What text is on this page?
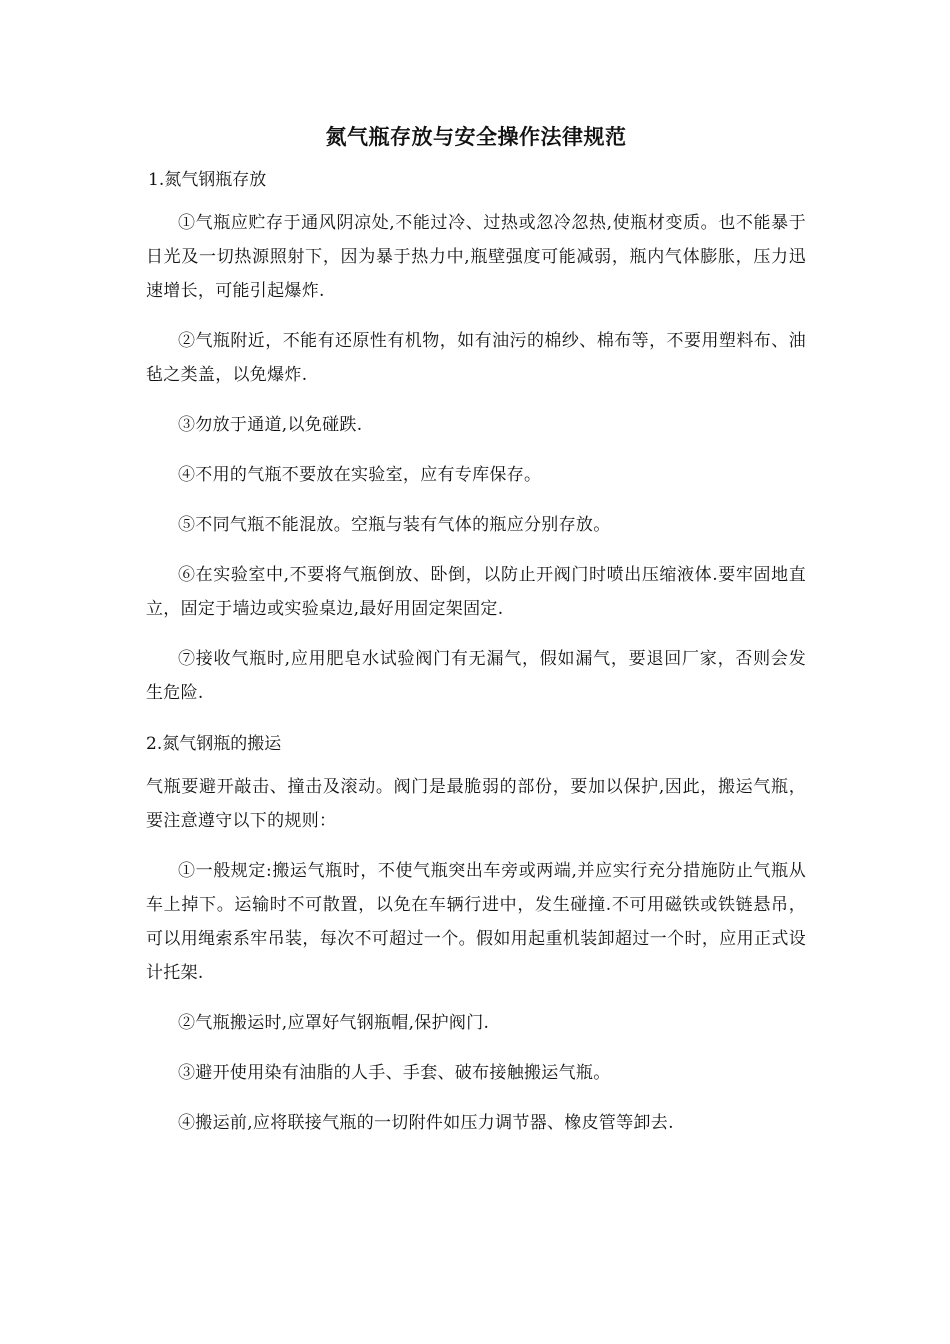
氮气瓶存放与安全操作法律规范
1.氮气钢瓶存放

①气瓶应贮存于通风阴凉处,不能过冷、过热或忽冷忽热,使瓶材变质。也不能暴于日光及一切热源照射下，因为暴于热力中,瓶壁强度可能减弱，瓶内气体膨胀，压力迅速增长，可能引起爆炸.

②气瓶附近，不能有还原性有机物，如有油污的棉纱、棉布等，不要用塑料布、油毡之类盖，以免爆炸.

③勿放于通道,以免碰跌.

④不用的气瓶不要放在实验室，应有专库保存。

⑤不同气瓶不能混放。空瓶与装有气体的瓶应分别存放。

⑥在实验室中,不要将气瓶倒放、卧倒，以防止开阀门时喷出压缩液体.要牢固地直立，固定于墙边或实验桌边,最好用固定架固定.

⑦接收气瓶时,应用肥皂水试验阀门有无漏气，假如漏气，要退回厂家，否则会发生危险.

2.氮气钢瓶的搬运

气瓶要避开敲击、撞击及滚动。阀门是最脆弱的部份，要加以保护,因此，搬运气瓶，要注意遵守以下的规则：

①一般规定:搬运气瓶时，不使气瓶突出车旁或两端,并应实行充分措施防止气瓶从车上掉下。运输时不可散置，以免在车辆行进中，发生碰撞.不可用磁铁或铁链悬吊，可以用绳索系牢吊装，每次不可超过一个。假如用起重机装卸超过一个时，应用正式设计托架.

②气瓶搬运时,应罩好气钢瓶帽,保护阀门.

③避开使用染有油脂的人手、手套、破布接触搬运气瓶。

④搬运前,应将联接气瓶的一切附件如压力调节器、橡皮管等卸去.
